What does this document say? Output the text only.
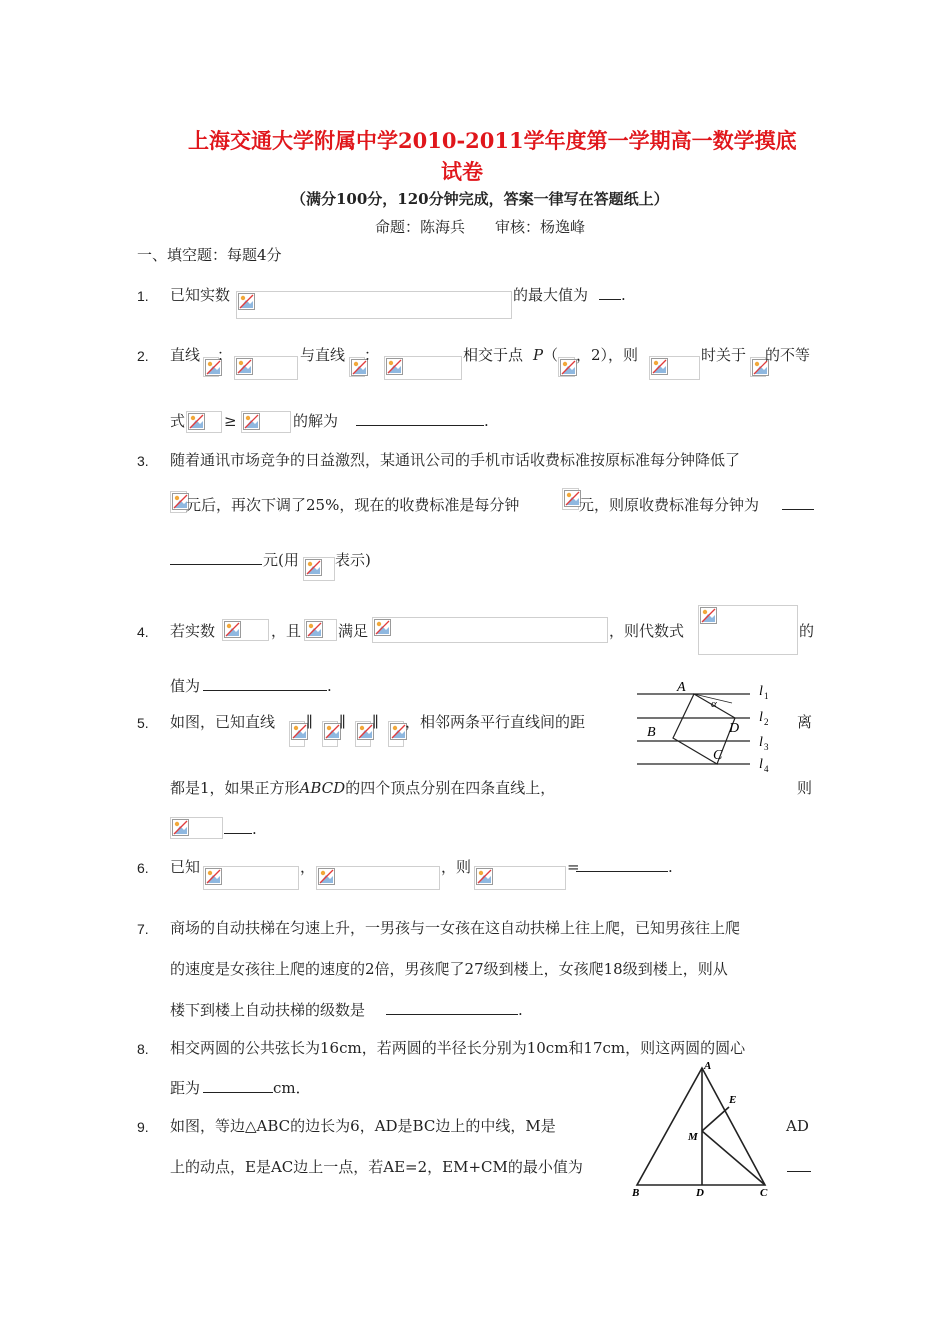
上海交通大学附属中学2010-2011学年度第一学期高一数学摸底
试卷
（满分100分，120分钟完成，答案一律写在答题纸上）
命题：陈海兵　　审核：杨逸峰
一、填空题：每题4分
1. 已知实数	的最大值为	.
2. 直线 ：	与直线 ：	相交于点 P （ ，2），则	时关于 的不等
式	≥	的解为	.
3. 随着通讯市场竞争的日益激烈，某通讯公司的手机市话收费标准按原标准每分钟降低了
元后，再次下调了25%，现在的收费标准是每分钟	元，则原收费标准每分钟为
元(用 表示)
4. 若实数	，且 满足	，则代数式	的
值为	.
5. 如图，已知直线 ∥ ∥ ∥ ，相邻两条平行直线间的距	离
都是1，如果正方形ABCD的四个顶点分别在四条直线上，	则
.
A
α
B	D
C
l 1
l 2
l 3
l 4
6. 已知	，	，则	=	.
7. 商场的自动扶梯在匀速上升，一男孩与一女孩在这自动扶梯上往上爬，已知男孩往上爬
的速度是女孩往上爬的速度的2倍，男孩爬了27级到楼上，女孩爬18级到楼上，则从
楼下到楼上自动扶梯的级数是	.
8. 相交两圆的公共弦长为16cm，若两圆的半径长分别为10cm和17cm，则这两圆的圆心
距为	cm．
9. 如图，等边△ABC的边长为6，AD是BC边上的中线，M是	AD
上的动点，E是AC边上一点，若AE=2，EM+CM的最小值为
A
E
M
B	D	C
